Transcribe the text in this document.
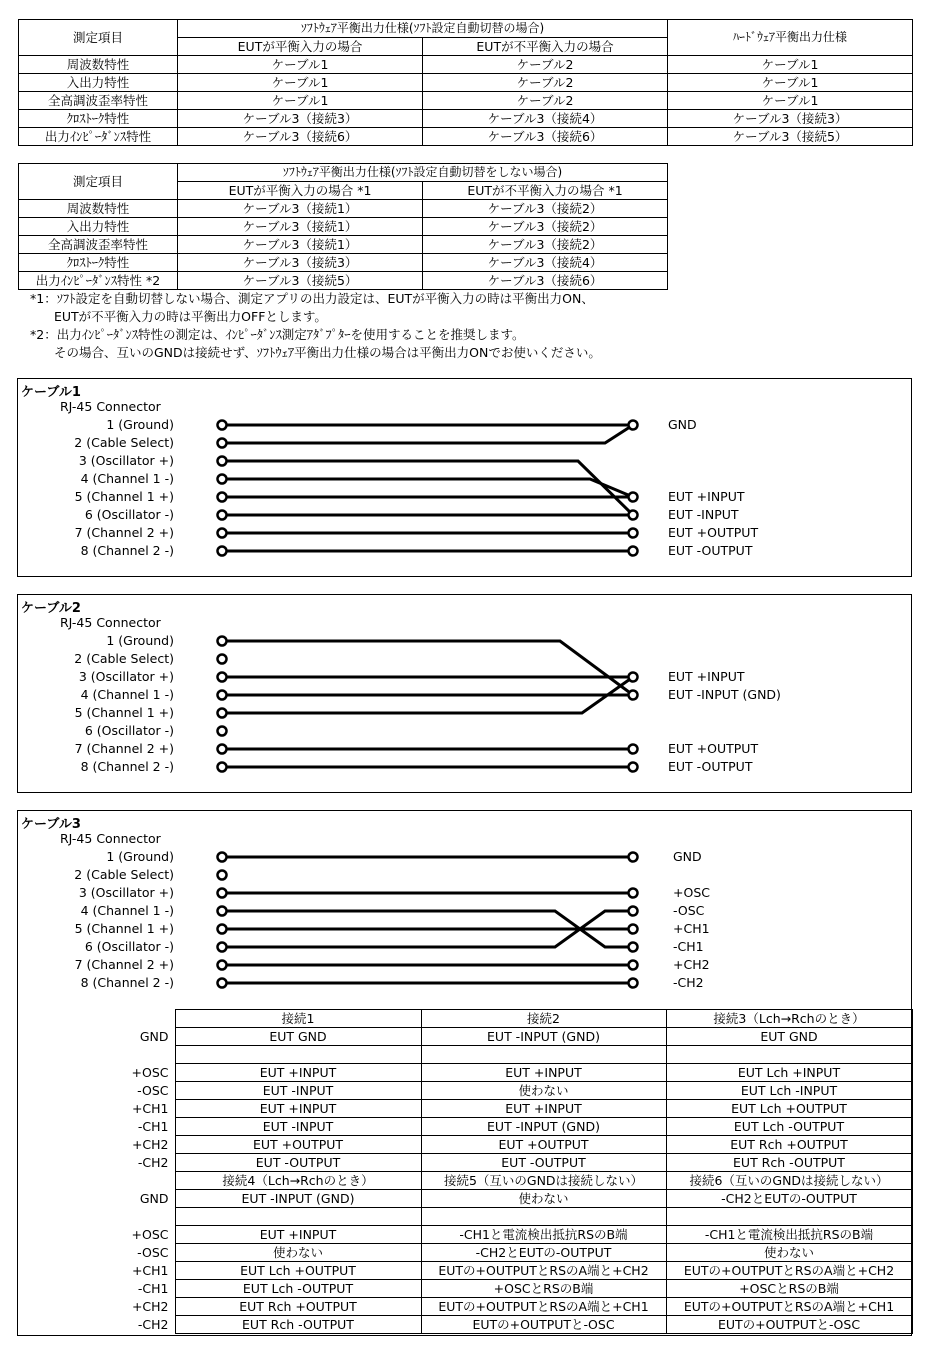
測定項目	ｿﾌﾄｳｪｱ平衡出力仕様(ｿﾌﾄ設定自動切替の場合)		ﾊｰﾄﾞｳｪｱ平衡出力仕様
	EUTが平衡入力の場合	EUTが不平衡入力の場合	
周波数特性	ケーブル1	ケーブル2	ケーブル1
入出力特性	ケーブル1	ケーブル2	ケーブル1
全高調波歪率特性	ケーブル1	ケーブル2	ケーブル1
ｸﾛｽﾄｰｸ特性	ケーブル3（接続3）	ケーブル3（接続4）	ケーブル3（接続3）
出力ｲﾝﾋﾟｰﾀﾞﾝｽ特性	ケーブル3（接続6）	ケーブル3（接続6）	ケーブル3（接続5）
測定項目	ｿﾌﾄｳｪｱ平衡出力仕様(ｿﾌﾄ設定自動切替をしない場合)	
	EUTが平衡入力の場合 *1	EUTが不平衡入力の場合 *1
周波数特性	ケーブル3（接続1）	ケーブル3（接続2）
入出力特性	ケーブル3（接続1）	ケーブル3（接続2）
全高調波歪率特性	ケーブル3（接続1）	ケーブル3（接続2）
ｸﾛｽﾄｰｸ特性	ケーブル3（接続3）	ケーブル3（接続4）
出力ｲﾝﾋﾟｰﾀﾞﾝｽ特性 *2	ケーブル3（接続5）	ケーブル3（接続6）
*1：ｿﾌﾄ設定を自動切替しない場合、測定アプリの出力設定は、EUTが平衡入力の時は平衡出力ON、
EUTが不平衡入力の時は平衡出力OFFとします。
*2：出力ｲﾝﾋﾟｰﾀﾞﾝｽ特性の測定は、ｲﾝﾋﾟｰﾀﾞﾝｽ測定ｱﾀﾞﾌﾟﾀｰを使用することを推奨します。
その場合、互いのGNDは接続せず、ｿﾌﾄｳｪｱ平衡出力仕様の場合は平衡出力ONでお使いください。
ケーブル1
RJ-45 Connector
1 (Ground)
2 (Cable Select)
3 (Oscillator +)
4 (Channel 1 -)
5 (Channel 1 +)
6 (Oscillator -)
7 (Channel 2 +)
8 (Channel 2 -)
GND
EUT +INPUT
EUT -INPUT
EUT +OUTPUT
EUT -OUTPUT
ケーブル2
RJ-45 Connector
1 (Ground)
2 (Cable Select)
3 (Oscillator +)
4 (Channel 1 -)
5 (Channel 1 +)
6 (Oscillator -)
7 (Channel 2 +)
8 (Channel 2 -)
EUT +INPUT
EUT -INPUT (GND)
EUT +OUTPUT
EUT -OUTPUT
ケーブル3
RJ-45 Connector
1 (Ground)
2 (Cable Select)
3 (Oscillator +)
4 (Channel 1 -)
5 (Channel 1 +)
6 (Oscillator -)
7 (Channel 2 +)
8 (Channel 2 -)
GND
+OSC
-OSC
+CH1
-CH1
+CH2
-CH2
	接続1	接続2	接続3（Lch→Rchのとき）
GND	EUT GND	EUT -INPUT (GND)	EUT GND

+OSC	EUT +INPUT	EUT +INPUT	EUT Lch +INPUT
-OSC	EUT -INPUT	使わない	EUT Lch -INPUT
+CH1	EUT +INPUT	EUT +INPUT	EUT Lch +OUTPUT
-CH1	EUT -INPUT	EUT -INPUT (GND)	EUT Lch -OUTPUT
+CH2	EUT +OUTPUT	EUT +OUTPUT	EUT Rch +OUTPUT
-CH2	EUT -OUTPUT	EUT -OUTPUT	EUT Rch -OUTPUT
	接続4（Lch→Rchのとき）	接続5（互いのGNDは接続しない）	接続6（互いのGNDは接続しない）
GND	EUT -INPUT (GND)	使わない	-CH2とEUTの-OUTPUT

+OSC	EUT +INPUT	-CH1と電流検出抵抗RSのB端	-CH1と電流検出抵抗RSのB端
-OSC	使わない	-CH2とEUTの-OUTPUT	使わない
+CH1	EUT Lch +OUTPUT	EUTの+OUTPUTとRSのA端と+CH2	EUTの+OUTPUTとRSのA端と+CH2
-CH1	EUT Lch -OUTPUT	+OSCとRSのB端	+OSCとRSのB端
+CH2	EUT Rch +OUTPUT	EUTの+OUTPUTとRSのA端と+CH1	EUTの+OUTPUTとRSのA端と+CH1
-CH2	EUT Rch -OUTPUT	EUTの+OUTPUTと-OSC	EUTの+OUTPUTと-OSC
